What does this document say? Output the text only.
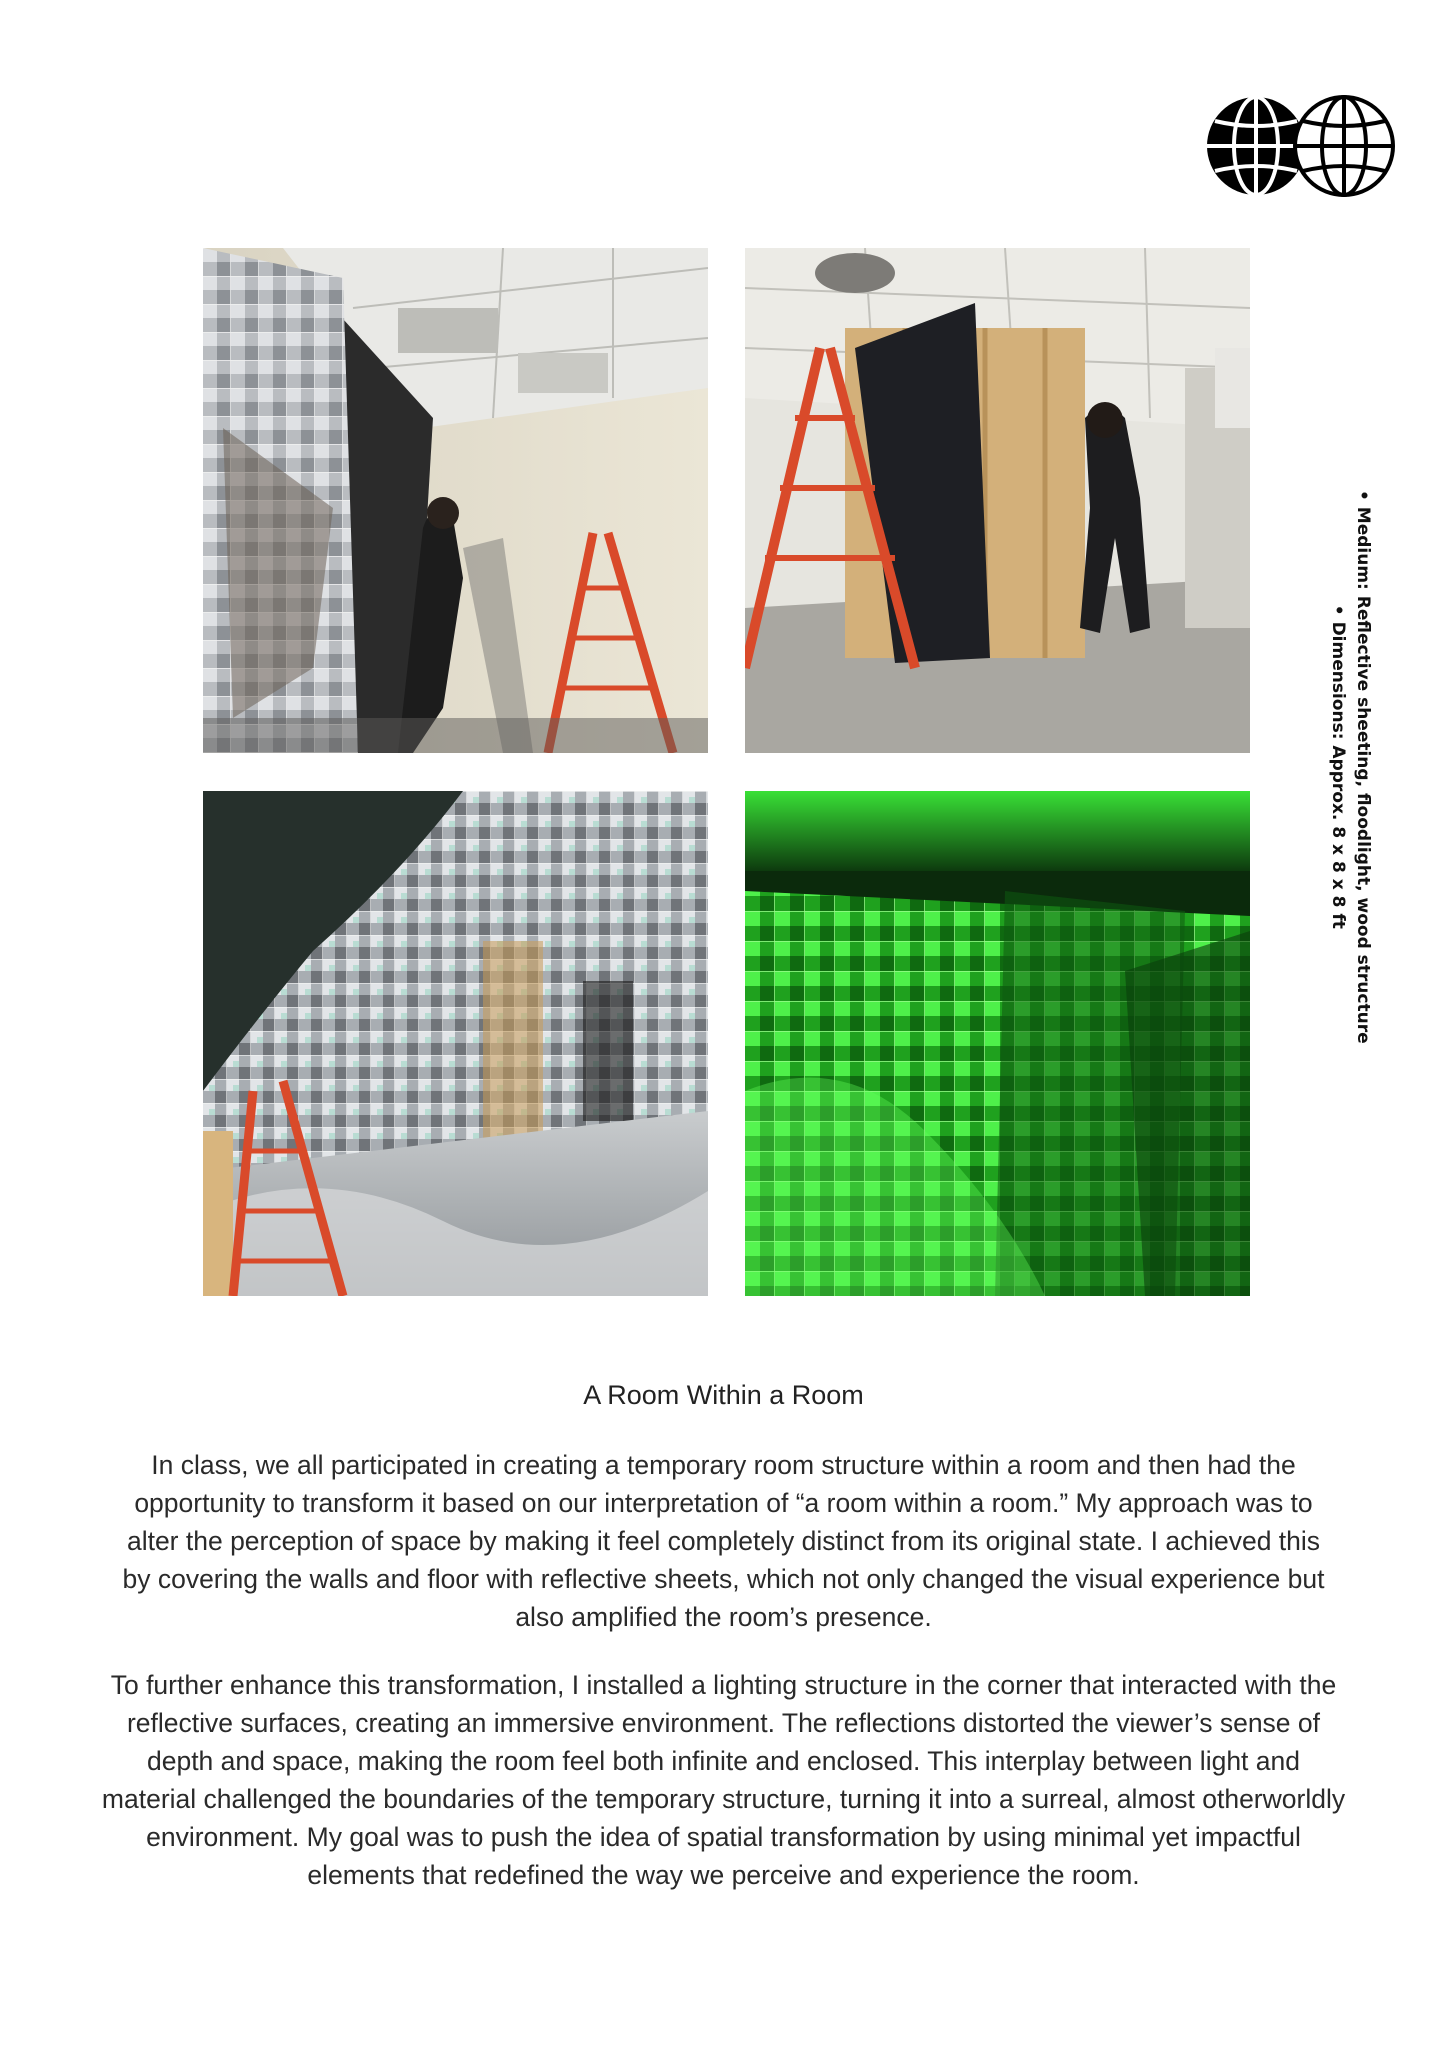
• Medium: Reflective sheeting, floodlight, wood structure
• Dimensions: Approx. 8 x 8 x 8 ft
A Room Within a Room

In class, we all participated in creating a temporary room structure within a room and then had the opportunity to transform it based on our interpretation of “a room within a room.” My approach was to alter the perception of space by making it feel completely distinct from its original state. I achieved this by covering the walls and floor with reflective sheets, which not only changed the visual experience but also amplified the room’s presence.

To further enhance this transformation, I installed a lighting structure in the corner that interacted with the reflective surfaces, creating an immersive environment. The reflections distorted the viewer’s sense of depth and space, making the room feel both infinite and enclosed. This interplay between light and material challenged the boundaries of the temporary structure, turning it into a surreal, almost otherworldly environment. My goal was to push the idea of spatial transformation by using minimal yet impactful elements that redefined the way we perceive and experience the room.
